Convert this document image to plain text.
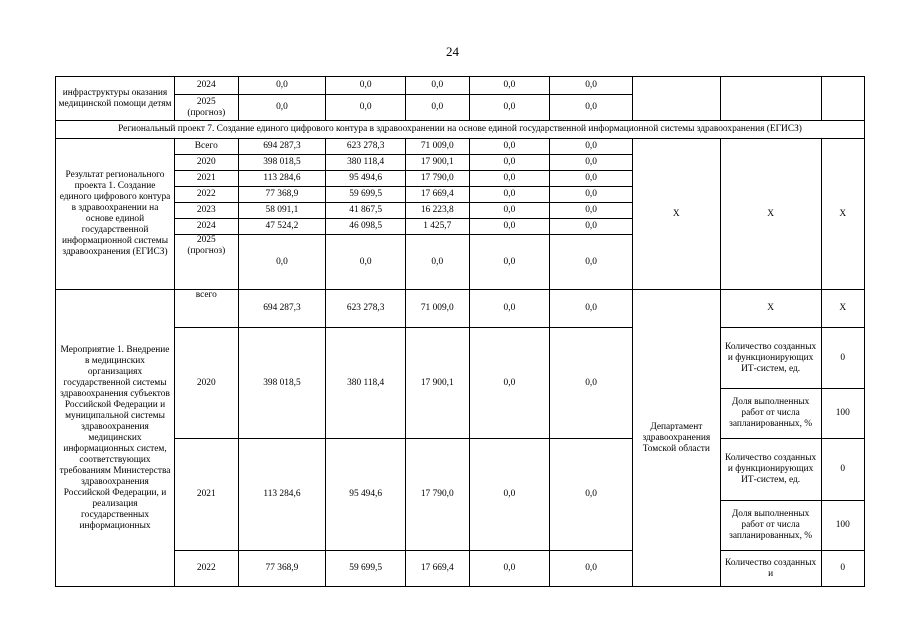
24
инфраструктуры оказания медицинской помощи детям	2024	0,0	0,0	0,0	0,0	0,0			
	2025 (прогноз)	0,0	0,0	0,0	0,0	0,0			
Региональный проект 7. Создание единого цифрового контура в здравоохранении на основе единой государственной информационной системы здравоохранения (ЕГИСЗ)									
Результат регионального проекта 1. Создание единого цифрового контура в здравоохранении на основе единой государственной информационной системы здравоохранения (ЕГИСЗ)	Всего	694 287,3	623 278,3	71 009,0	0,0	0,0	X	X	X
	2020	398 018,5	380 118,4	17 900,1	0,0	0,0			
	2021	113 284,6	95 494,6	17 790,0	0,0	0,0			
	2022	77 368,9	59 699,5	17 669,4	0,0	0,0			
	2023	58 091,1	41 867,5	16 223,8	0,0	0,0			
	2024	47 524,2	46 098,5	1 425,7	0,0	0,0			
	2025 (прогноз)	0,0	0,0	0,0	0,0	0,0			
Мероприятие 1. Внедрение в медицинских организациях государственной системы здравоохранения субъектов Российской Федерации и муниципальной системы здравоохранения медицинских информационных систем, соответствующих требованиям Министерства здравоохранения Российской Федерации, и реализация государственных информационных	всего	694 287,3	623 278,3	71 009,0	0,0	0,0	Департамент здравоохранения Томской области	X	X
	2020	398 018,5	380 118,4	17 900,1	0,0	0,0		Количество созданных и функционирующих ИТ-систем, ед.	0
								Доля выполненных работ от числа запланированных, %	100
	2021	113 284,6	95 494,6	17 790,0	0,0	0,0		Количество созданных и функционирующих ИТ-систем, ед.	0
								Доля выполненных работ от числа запланированных, %	100
	2022	77 368,9	59 699,5	17 669,4	0,0	0,0		Количество созданных и	0
